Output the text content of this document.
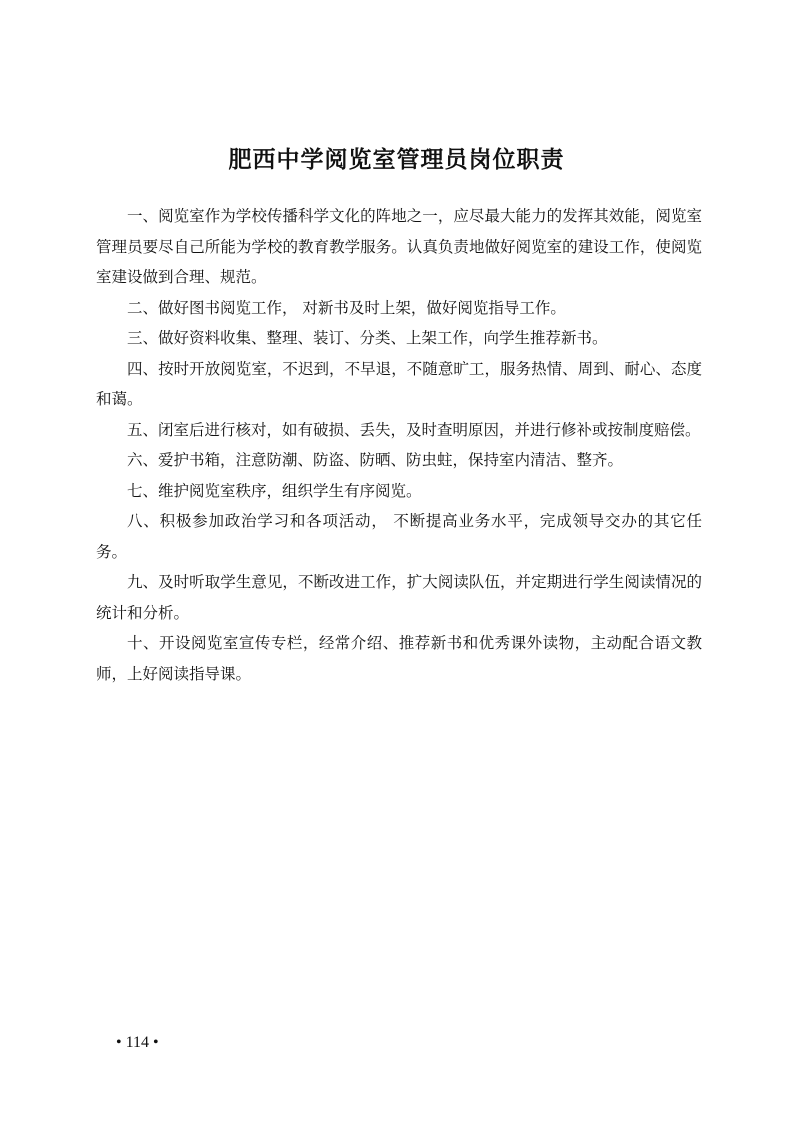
肥西中学阅览室管理员岗位职责

一、阅览室作为学校传播科学文化的阵地之一，应尽最大能力的发挥其效能，阅览室管理员要尽自己所能为学校的教育教学服务。认真负责地做好阅览室的建设工作，使阅览室建设做到合理、规范。

二、做好图书阅览工作， 对新书及时上架，做好阅览指导工作。

三、做好资料收集、整理、装订、分类、上架工作，向学生推荐新书。

四、按时开放阅览室，不迟到，不早退，不随意旷工，服务热情、周到、耐心、态度和蔼。

五、闭室后进行核对，如有破损、丢失，及时查明原因，并进行修补或按制度赔偿。

六、爱护书箱，注意防潮、防盗、防晒、防虫蛀，保持室内清洁、整齐。

七、维护阅览室秩序，组织学生有序阅览。

八、积极参加政治学习和各项活动， 不断提高业务水平，完成领导交办的其它任务。

九、及时听取学生意见，不断改进工作，扩大阅读队伍，并定期进行学生阅读情况的统计和分析。

十、开设阅览室宣传专栏，经常介绍、推荐新书和优秀课外读物，主动配合语文教师，上好阅读指导课。

• 114 •
